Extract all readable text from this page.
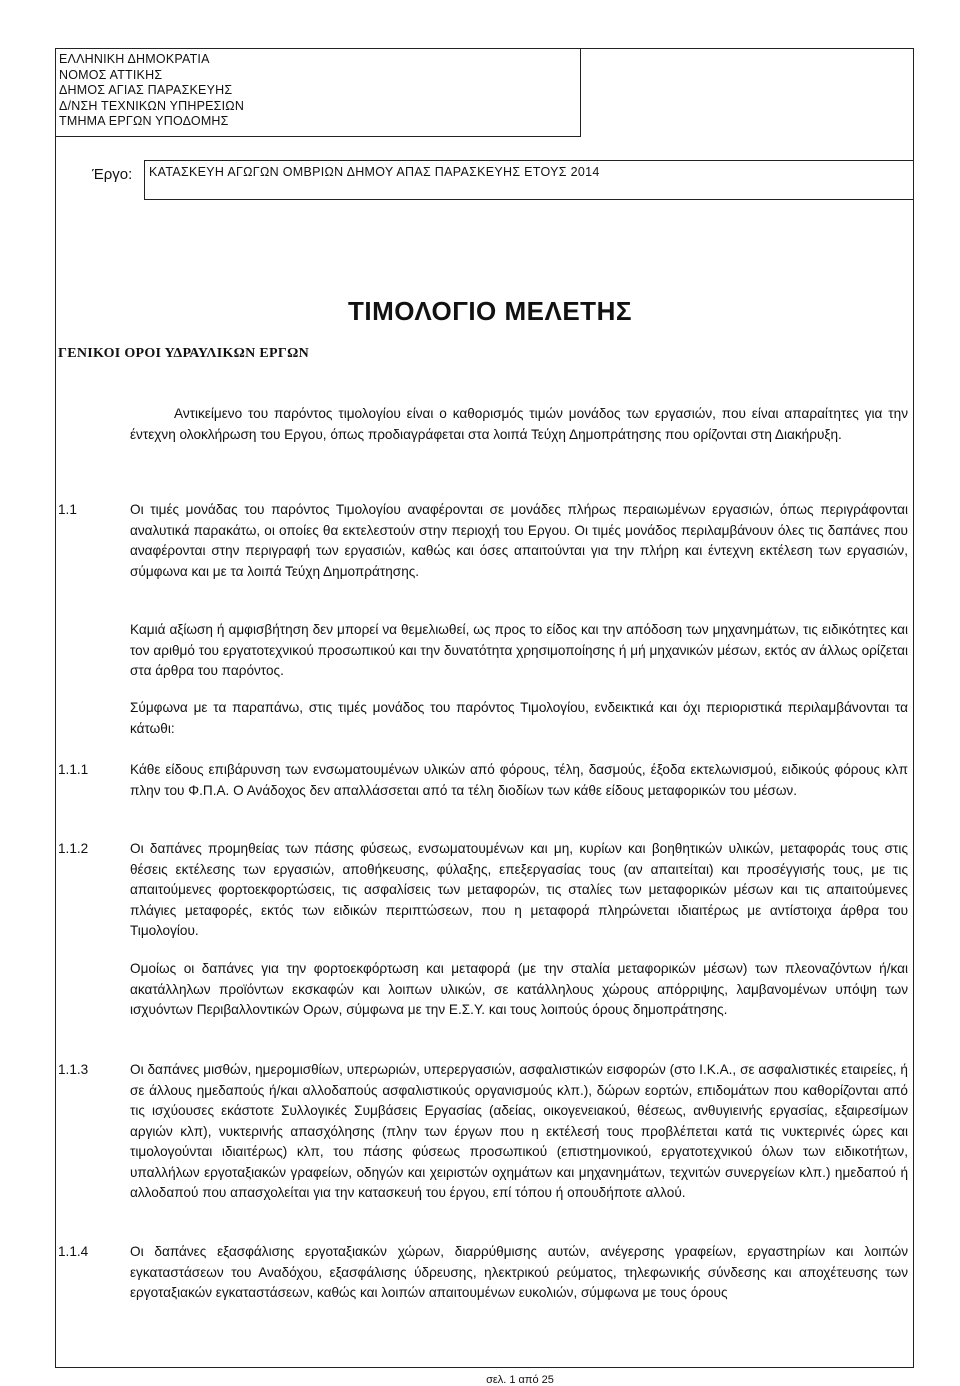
ΕΛΛΗΝΙΚΗ ΔΗΜΟΚΡΑΤΙΑ
ΝΟΜΟΣ ΑΤΤΙΚΗΣ
ΔΗΜΟΣ ΑΓΙΑΣ ΠΑΡΑΣΚΕΥΗΣ
Δ/ΝΣΗ ΤΕΧΝΙΚΩΝ ΥΠΗΡΕΣΙΩΝ
ΤΜΗΜΑ ΕΡΓΩΝ ΥΠΟΔΟΜΗΣ
Έργο:	ΚΑΤΑΣΚΕΥΗ ΑΓΩΓΩΝ ΟΜΒΡΙΩΝ ΔΗΜΟΥ ΑΠΑΣ ΠΑΡΑΣΚΕΥΗΣ ΕΤΟΥΣ 2014
ΤΙΜΟΛΟΓΙΟ ΜΕΛΕΤΗΣ
ΓΕΝΙΚΟΙ ΟΡΟΙ ΥΔΡΑΥΛΙΚΩΝ ΕΡΓΩΝ
Αντικείμενο του παρόντος τιμολογίου είναι ο καθορισμός τιμών μονάδος των εργασιών, που είναι απαραίτητες για την έντεχνη ολοκλήρωση του Εργου, όπως προδιαγράφεται στα λοιπά Τεύχη Δημοπράτησης που ορίζονται στη Διακήρυξη.
1.1	Οι τιμές μονάδας του παρόντος Τιμολογίου αναφέρονται σε μονάδες πλήρως περαιωμένων εργασιών, όπως περιγράφονται αναλυτικά παρακάτω, οι οποίες θα εκτελεστούν στην περιοχή του Εργου. Οι τιμές μονάδος περιλαμβάνουν όλες τις δαπάνες που αναφέρονται στην περιγραφή των εργασιών, καθώς και όσες απαιτούνται για την πλήρη και έντεχνη εκτέλεση των εργασιών, σύμφωνα και με τα λοιπά Τεύχη Δημοπράτησης.
Καμιά αξίωση ή αμφισβήτηση δεν μπορεί να θεμελιωθεί, ως προς το είδος και την απόδοση των μηχανημάτων, τις ειδικότητες και τον αριθμό του εργατοτεχνικού προσωπικού και την δυνατότητα χρησιμοποίησης ή μή μηχανικών μέσων, εκτός αν άλλως ορίζεται στα άρθρα του παρόντος.
Σύμφωνα με τα παραπάνω, στις τιμές μονάδος του παρόντος Τιμολογίου, ενδεικτικά και όχι περιοριστικά περιλαμβάνονται τα κάτωθι:
1.1.1	Κάθε είδους επιβάρυνση των ενσωματουμένων υλικών από φόρους, τέλη, δασμούς, έξοδα εκτελωνισμού, ειδικούς φόρους κλπ πλην του Φ.Π.Α. Ο Ανάδοχος δεν απαλλάσσεται από τα τέλη διοδίων των κάθε είδους μεταφορικών του μέσων.
1.1.2	Οι δαπάνες προμηθείας των πάσης φύσεως, ενσωματουμένων και μη, κυρίων και βοηθητικών υλικών, μεταφοράς τους στις θέσεις εκτέλεσης των εργασιών, αποθήκευσης, φύλαξης, επεξεργασίας τους (αν απαιτείται) και προσέγγισής τους, με τις απαιτούμενες φορτοεκφορτώσεις, τις ασφαλίσεις των μεταφορών, τις σταλίες των μεταφορικών μέσων και τις απαιτούμενες πλάγιες μεταφορές, εκτός των ειδικών περιπτώσεων, που η μεταφορά πληρώνεται ιδιαιτέρως με αντίστοιχα άρθρα του Τιμολογίου.
Ομοίως οι δαπάνες για την φορτοεκφόρτωση και μεταφορά (με την σταλία μεταφορικών μέσων) των πλεοναζόντων ή/και ακατάλληλων προϊόντων εκσκαφών και λοιπων υλικών, σε κατάλληλους χώρους απόρριψης, λαμβανομένων υπόψη των ισχυόντων Περιβαλλοντικών Ορων, σύμφωνα με την Ε.Σ.Υ. και τους λοιπούς όρους δημοπράτησης.
1.1.3	Οι δαπάνες μισθών, ημερομισθίων, υπερωριών, υπερεργασιών, ασφαλιστικών εισφορών (στο Ι.Κ.Α., σε ασφαλιστικές εταιρείες, ή σε άλλους ημεδαπούς ή/και αλλοδαπούς ασφαλιστικούς οργανισμούς κλπ.), δώρων εορτών, επιδομάτων που καθορίζονται από τις ισχύουσες εκάστοτε Συλλογικές Συμβάσεις Εργασίας (αδείας, οικογενειακού, θέσεως, ανθυγιεινής εργασίας, εξαιρεσίμων αργιών κλπ), νυκτερινής απασχόλησης (πλην των έργων που η εκτέλεσή τους προβλέπεται κατά τις νυκτερινές ώρες και τιμολογούνται ιδιαιτέρως) κλπ, του πάσης φύσεως προσωπικού (επιστημονικού, εργατοτεχνικού όλων των ειδικοτήτων, υπαλλήλων εργοταξιακών γραφείων, οδηγών και χειριστών οχημάτων και μηχανημάτων, τεχνιτών συνεργείων κλπ.) ημεδαπού ή αλλοδαπού που απασχολείται για την κατασκευή του έργου, επί τόπου ή οπουδήποτε αλλού.
1.1.4	Οι δαπάνες εξασφάλισης εργοταξιακών χώρων, διαρρύθμισης αυτών, ανέγερσης γραφείων, εργαστηρίων και λοιπών εγκαταστάσεων του Αναδόχου, εξασφάλισης ύδρευσης, ηλεκτρικού ρεύματος, τηλεφωνικής σύνδεσης και αποχέτευσης των εργοταξιακών εγκαταστάσεων, καθώς και λοιπών απαιτουμένων ευκολιών, σύμφωνα με τους όρους
σελ. 1 από 25
